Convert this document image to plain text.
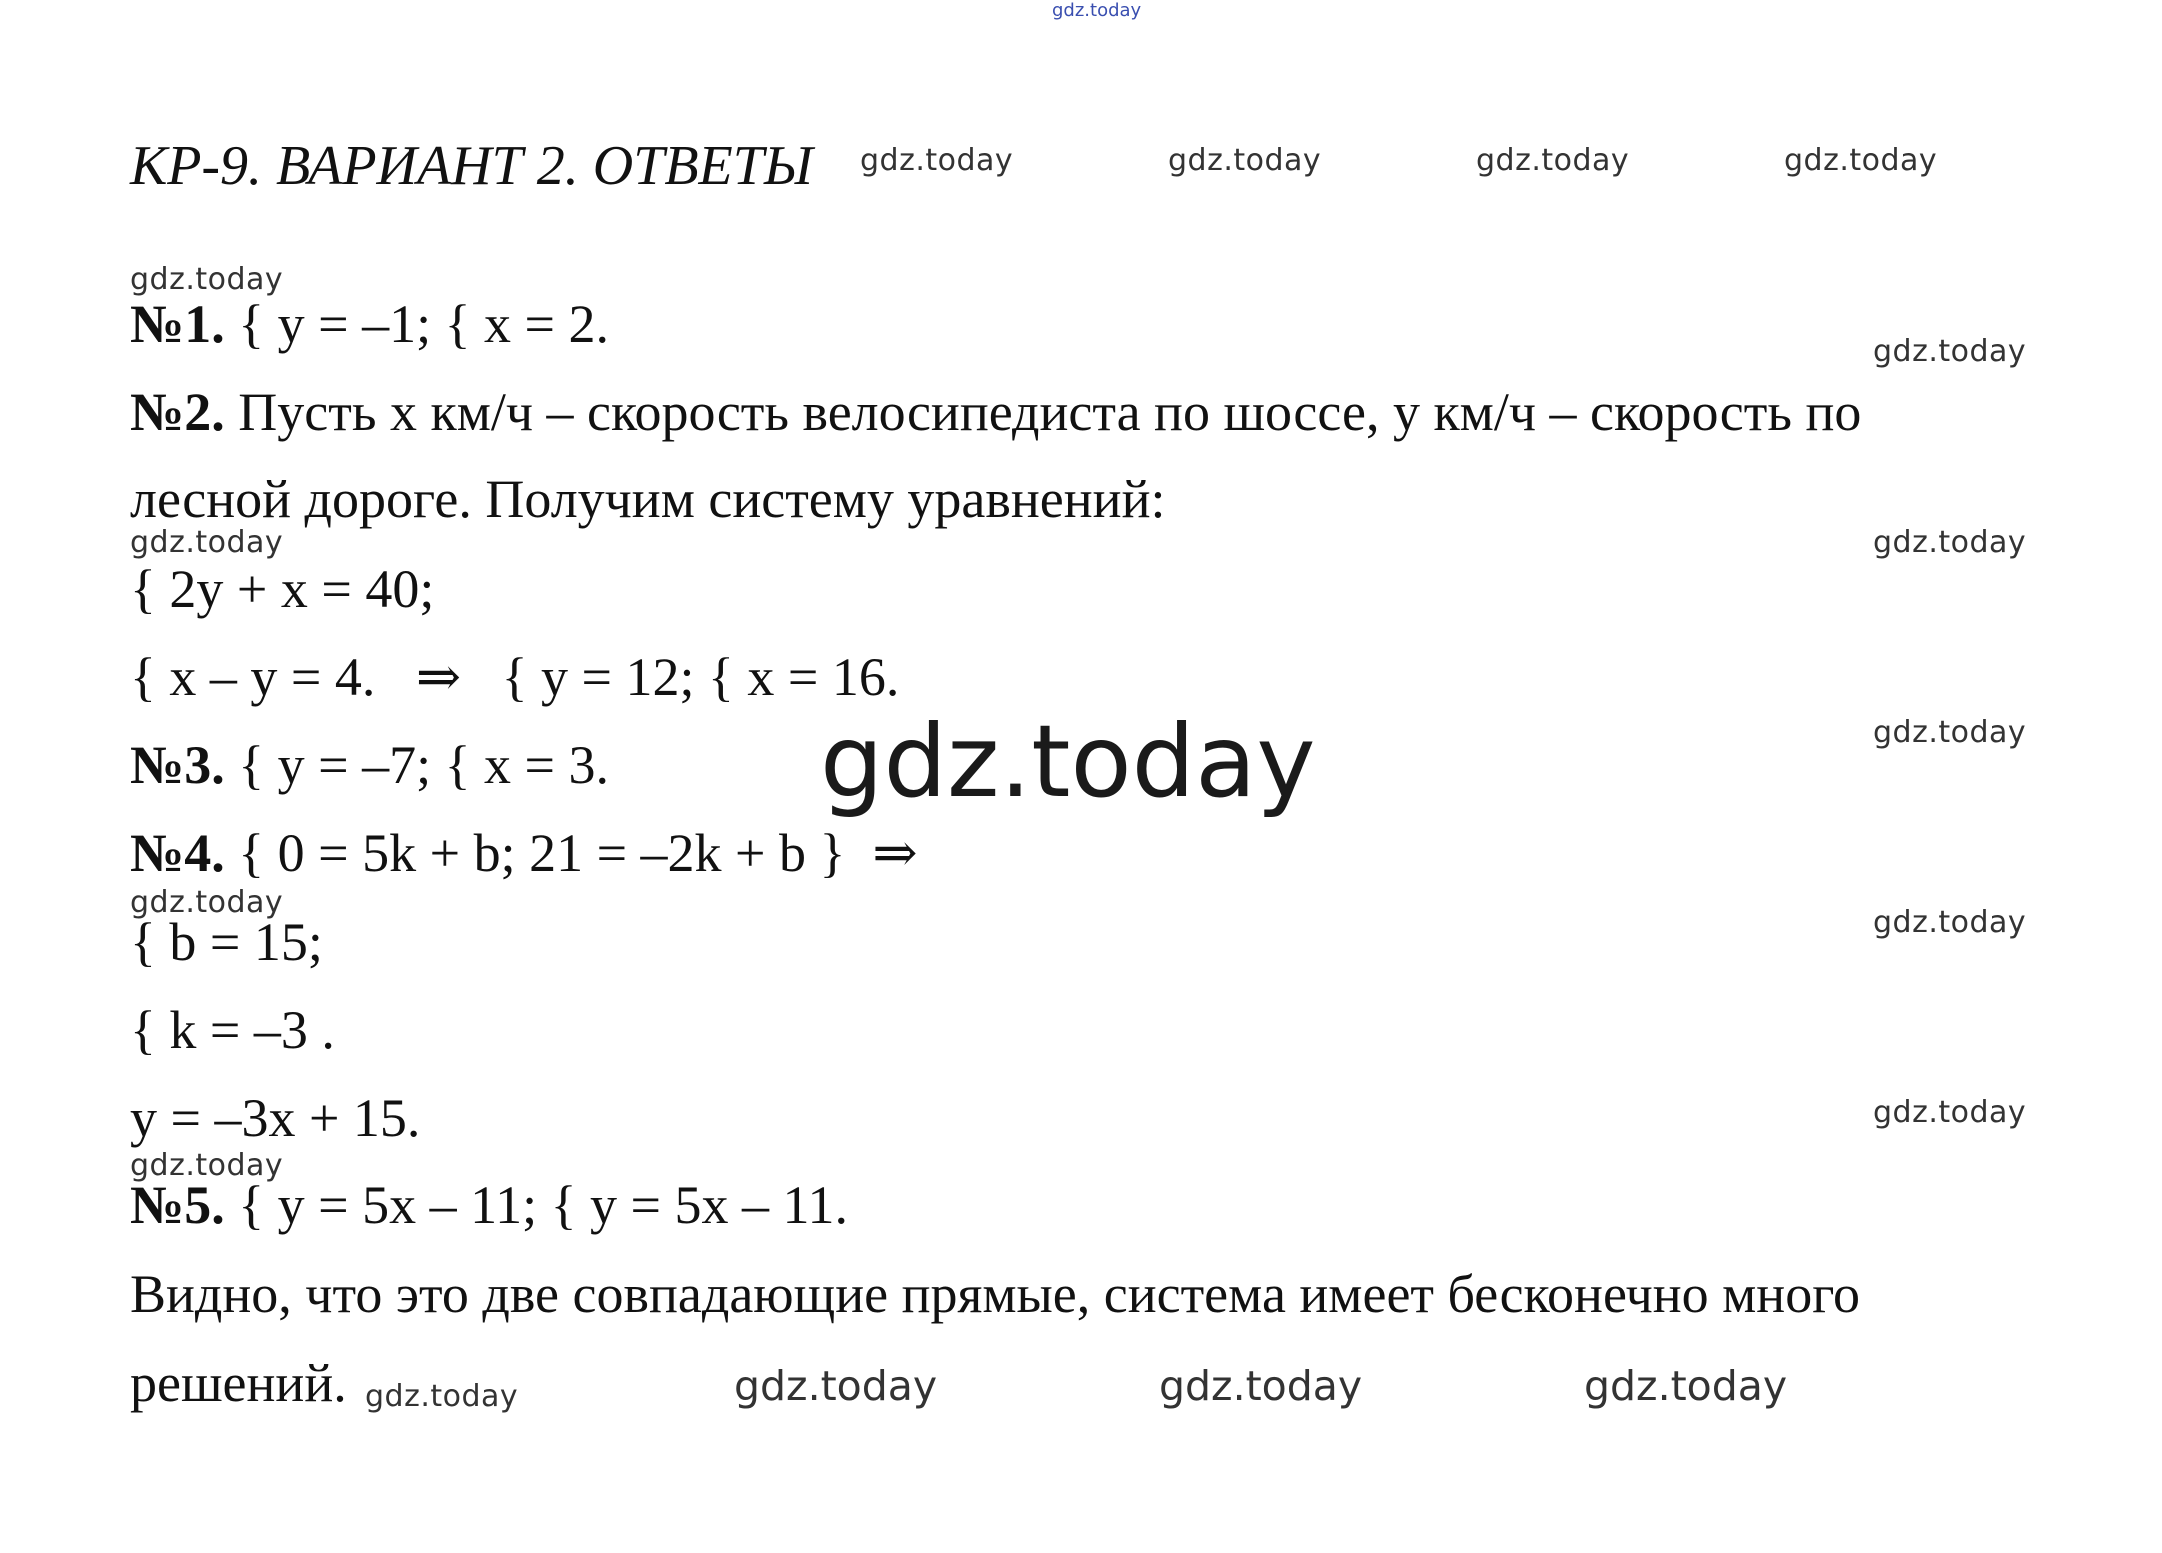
gdz.today
gdz.today	gdz.today	gdz.today	gdz.today
gdz.today
gdz.today
gdz.today	gdz.today
gdz.today
gdz.today
gdz.today
gdz.today
gdz.today
gdz.today	gdz.today	gdz.today	gdz.today
gdz.today
КР-9. ВАРИАНТ 2. ОТВЕТЫ
№1. { y = –1; { x = 2.
№2. Пусть x км/ч – скорость велосипедиста по шоссе, y км/ч – скорость по
лесной дороге. Получим систему уравнений:
{ 2y + x = 40;
{ x – y = 4.   ⇒   { y = 12; { x = 16.
№3. { y = –7; { x = 3.
№4. { 0 = 5k + b; 21 = –2k + b }  ⇒
{ b = 15;
{ k = –3 .
y = –3x + 15.
№5. { y = 5x – 11; { y = 5x – 11.
Видно, что это две совпадающие прямые, система имеет бесконечно много
решений.
